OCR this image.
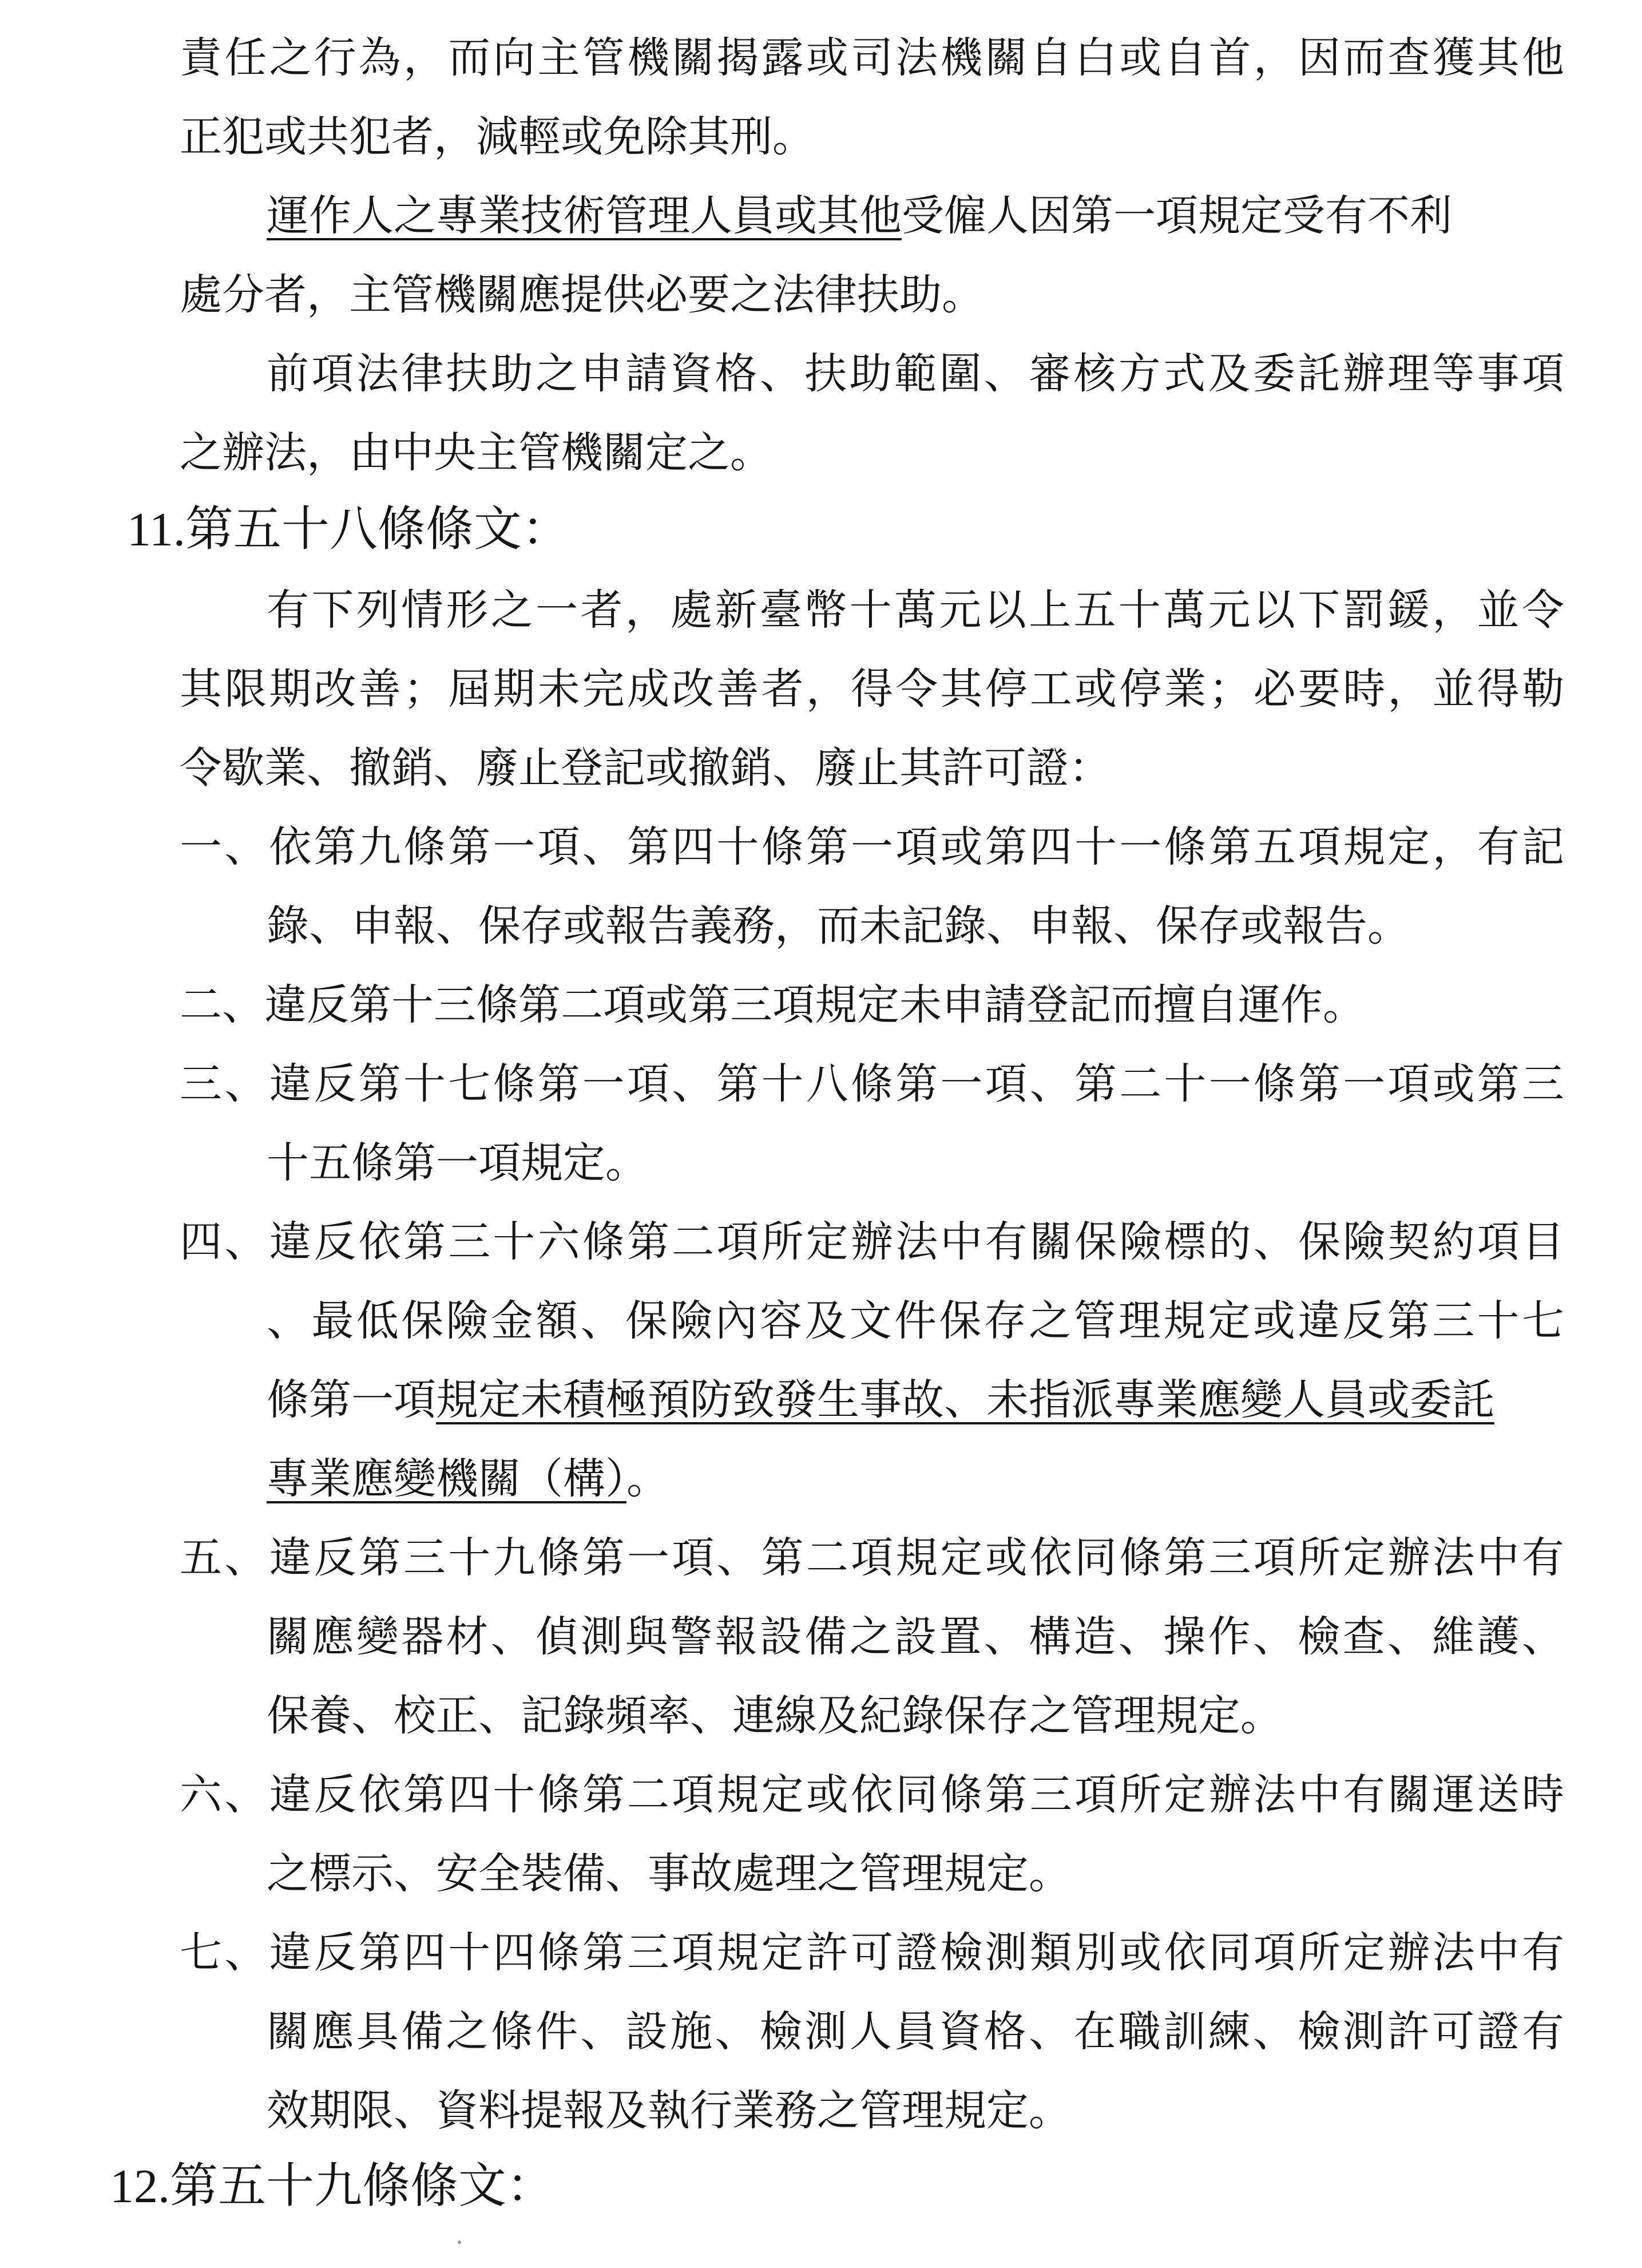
責任之行為，而向主管機關揭露或司法機關自白或自首，因而查獲其他
正犯或共犯者，減輕或免除其刑。
運作人之專業技術管理人員或其他受僱人因第一項規定受有不利
處分者，主管機關應提供必要之法律扶助。
前項法律扶助之申請資格、扶助範圍、審核方式及委託辦理等事項
之辦法，由中央主管機關定之。
11.第五十八條條文：
有下列情形之一者，處新臺幣十萬元以上五十萬元以下罰鍰，並令
其限期改善；屆期未完成改善者，得令其停工或停業；必要時，並得勒
令歇業、撤銷、廢止登記或撤銷、廢止其許可證：
一、依第九條第一項、第四十條第一項或第四十一條第五項規定，有記
錄、申報、保存或報告義務，而未記錄、申報、保存或報告。
二、違反第十三條第二項或第三項規定未申請登記而擅自運作。
三、違反第十七條第一項、第十八條第一項、第二十一條第一項或第三
十五條第一項規定。
四、違反依第三十六條第二項所定辦法中有關保險標的、保險契約項目
、最低保險金額、保險內容及文件保存之管理規定或違反第三十七
條第一項規定未積極預防致發生事故、未指派專業應變人員或委託
專業應變機關（構）。
五、違反第三十九條第一項、第二項規定或依同條第三項所定辦法中有
關應變器材、偵測與警報設備之設置、構造、操作、檢查、維護、
保養、校正、記錄頻率、連線及紀錄保存之管理規定。
六、違反依第四十條第二項規定或依同條第三項所定辦法中有關運送時
之標示、安全裝備、事故處理之管理規定。
七、違反第四十四條第三項規定許可證檢測類別或依同項所定辦法中有
關應具備之條件、設施、檢測人員資格、在職訓練、檢測許可證有
效期限、資料提報及執行業務之管理規定。
12.第五十九條條文：
